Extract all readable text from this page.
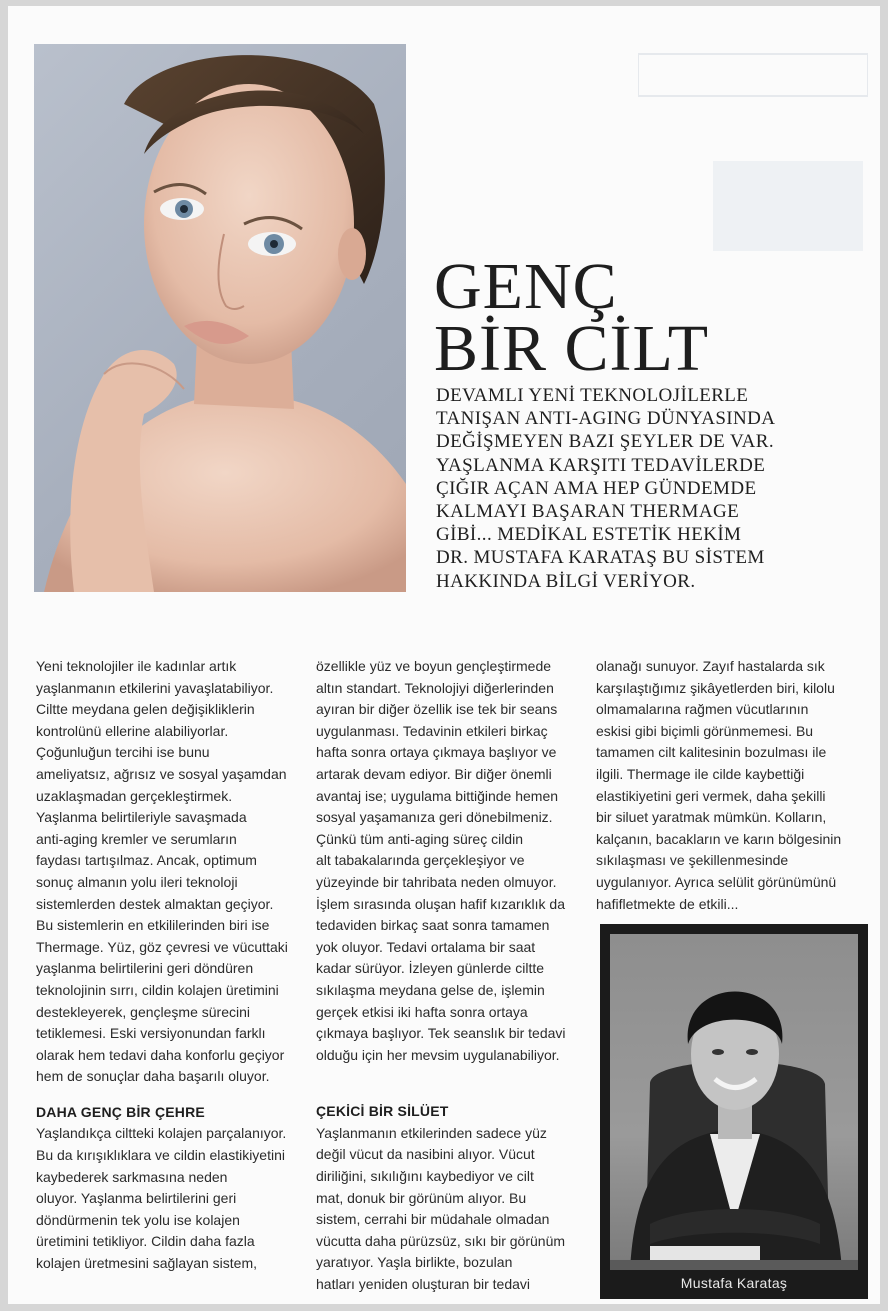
GENÇ
BİR CİLT
DEVAMLI YENİ TEKNOLOJİLERLE
TANIŞAN ANTI-AGING DÜNYASINDA
DEĞİŞMEYEN BAZI ŞEYLER DE VAR.
YAŞLANMA KARŞITI TEDAVİLERDE
ÇIĞIR AÇAN AMA HEP GÜNDEMDE
KALMAYI BAŞARAN THERMAGE
GİBİ... MEDİKAL ESTETİK HEKİM
DR. MUSTAFA KARATAŞ BU SİSTEM
HAKKINDA BİLGİ VERİYOR.

Yeni teknolojiler ile kadınlar artık
yaşlanmanın etkilerini yavaşlatabiliyor.
Ciltte meydana gelen değişikliklerin
kontrolünü ellerine alabiliyorlar.
Çoğunluğun tercihi ise bunu
ameliyatsız, ağrısız ve sosyal yaşamdan
uzaklaşmadan gerçekleştirmek.
Yaşlanma belirtileriyle savaşmada
anti-aging kremler ve serumların
faydası tartışılmaz. Ancak, optimum
sonuç almanın yolu ileri teknoloji
sistemlerden destek almaktan geçiyor.
Bu sistemlerin en etkililerinden biri ise
Thermage. Yüz, göz çevresi ve vücuttaki
yaşlanma belirtilerini geri döndüren
teknolojinin sırrı, cildin kolajen üretimini
destekleyerek, gençleşme sürecini
tetiklemesi. Eski versiyonundan farklı
olarak hem tedavi daha konforlu geçiyor
hem de sonuçlar daha başarılı oluyor.

DAHA GENÇ BİR ÇEHRE

Yaşlandıkça ciltteki kolajen parçalanıyor.
Bu da kırışıklıklara ve cildin elastikiyetini
kaybederek sarkmasına neden
oluyor. Yaşlanma belirtilerini geri
döndürmenin tek yolu ise kolajen
üretimini tetikliyor. Cildin daha fazla
kolajen üretmesini sağlayan sistem,

özellikle yüz ve boyun gençleştirmede
altın standart. Teknolojiyi diğerlerinden
ayıran bir diğer özellik ise tek bir seans
uygulanması. Tedavinin etkileri birkaç
hafta sonra ortaya çıkmaya başlıyor ve
artarak devam ediyor. Bir diğer önemli
avantaj ise; uygulama bittiğinde hemen
sosyal yaşamanıza geri dönebilmeniz.
Çünkü tüm anti-aging süreç cildin
alt tabakalarında gerçekleşiyor ve
yüzeyinde bir tahribata neden olmuyor.
İşlem sırasında oluşan hafif kızarıklık da
tedaviden birkaç saat sonra tamamen
yok oluyor. Tedavi ortalama bir saat
kadar sürüyor. İzleyen günlerde ciltte
sıkılaşma meydana gelse de, işlemin
gerçek etkisi iki hafta sonra ortaya
çıkmaya başlıyor. Tek seanslık bir tedavi
olduğu için her mevsim uygulanabiliyor.

ÇEKİCİ BİR SİLÜET

Yaşlanmanın etkilerinden sadece yüz
değil vücut da nasibini alıyor. Vücut
diriliğini, sıkılığını kaybediyor ve cilt
mat, donuk bir görünüm alıyor. Bu
sistem, cerrahi bir müdahale olmadan
vücutta daha pürüzsüz, sıkı bir görünüm
yaratıyor. Yaşla birlikte, bozulan
hatları yeniden oluşturan bir tedavi

olanağı sunuyor. Zayıf hastalarda sık
karşılaştığımız şikâyetlerden biri, kilolu
olmamalarına rağmen vücutlarının
eskisi gibi biçimli görünmemesi. Bu
tamamen cilt kalitesinin bozulması ile
ilgili. Thermage ile cilde kaybettiği
elastikiyetini geri vermek, daha şekilli
bir siluet yaratmak mümkün. Kolların,
kalçanın, bacakların ve karın bölgesinin
sıkılaşması ve şekillenmesinde
uygulanıyor. Ayrıca selülit görünümünü
hafifletmekte de etkili...

Mustafa Karataş
